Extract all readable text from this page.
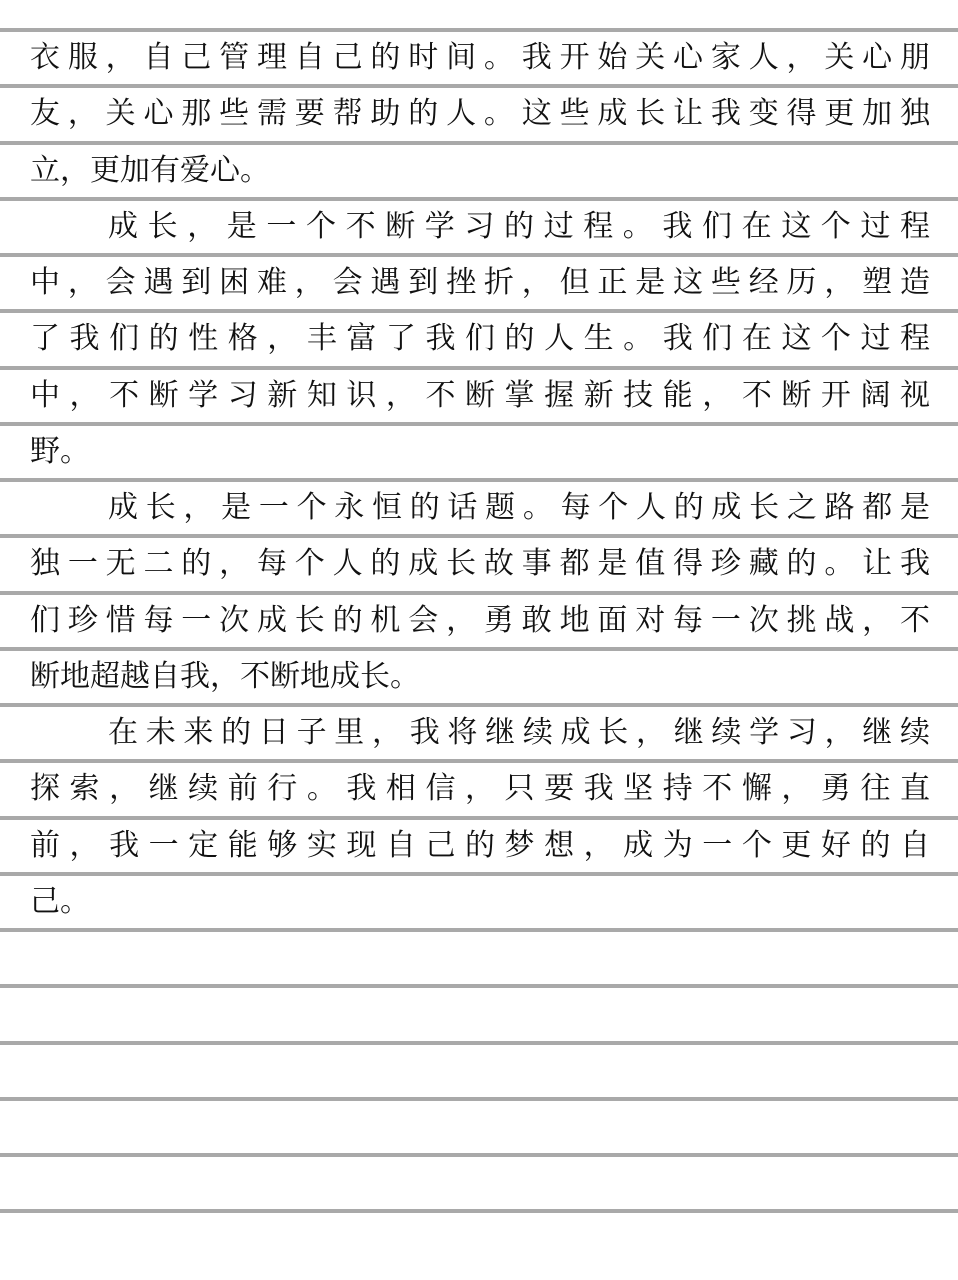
衣服，自己管理自己的时间。我开始关心家人，关心朋

友，关心那些需要帮助的人。这些成长让我变得更加独

立，更加有爱心。

成长，是一个不断学习的过程。我们在这个过程

中，会遇到困难，会遇到挫折，但正是这些经历，塑造

了我们的性格，丰富了我们的人生。我们在这个过程

中，不断学习新知识，不断掌握新技能，不断开阔视

野。

成长，是一个永恒的话题。每个人的成长之路都是

独一无二的，每个人的成长故事都是值得珍藏的。让我

们珍惜每一次成长的机会，勇敢地面对每一次挑战，不

断地超越自我，不断地成长。

在未来的日子里，我将继续成长，继续学习，继续

探索，继续前行。我相信，只要我坚持不懈，勇往直

前，我一定能够实现自己的梦想，成为一个更好的自

己。
